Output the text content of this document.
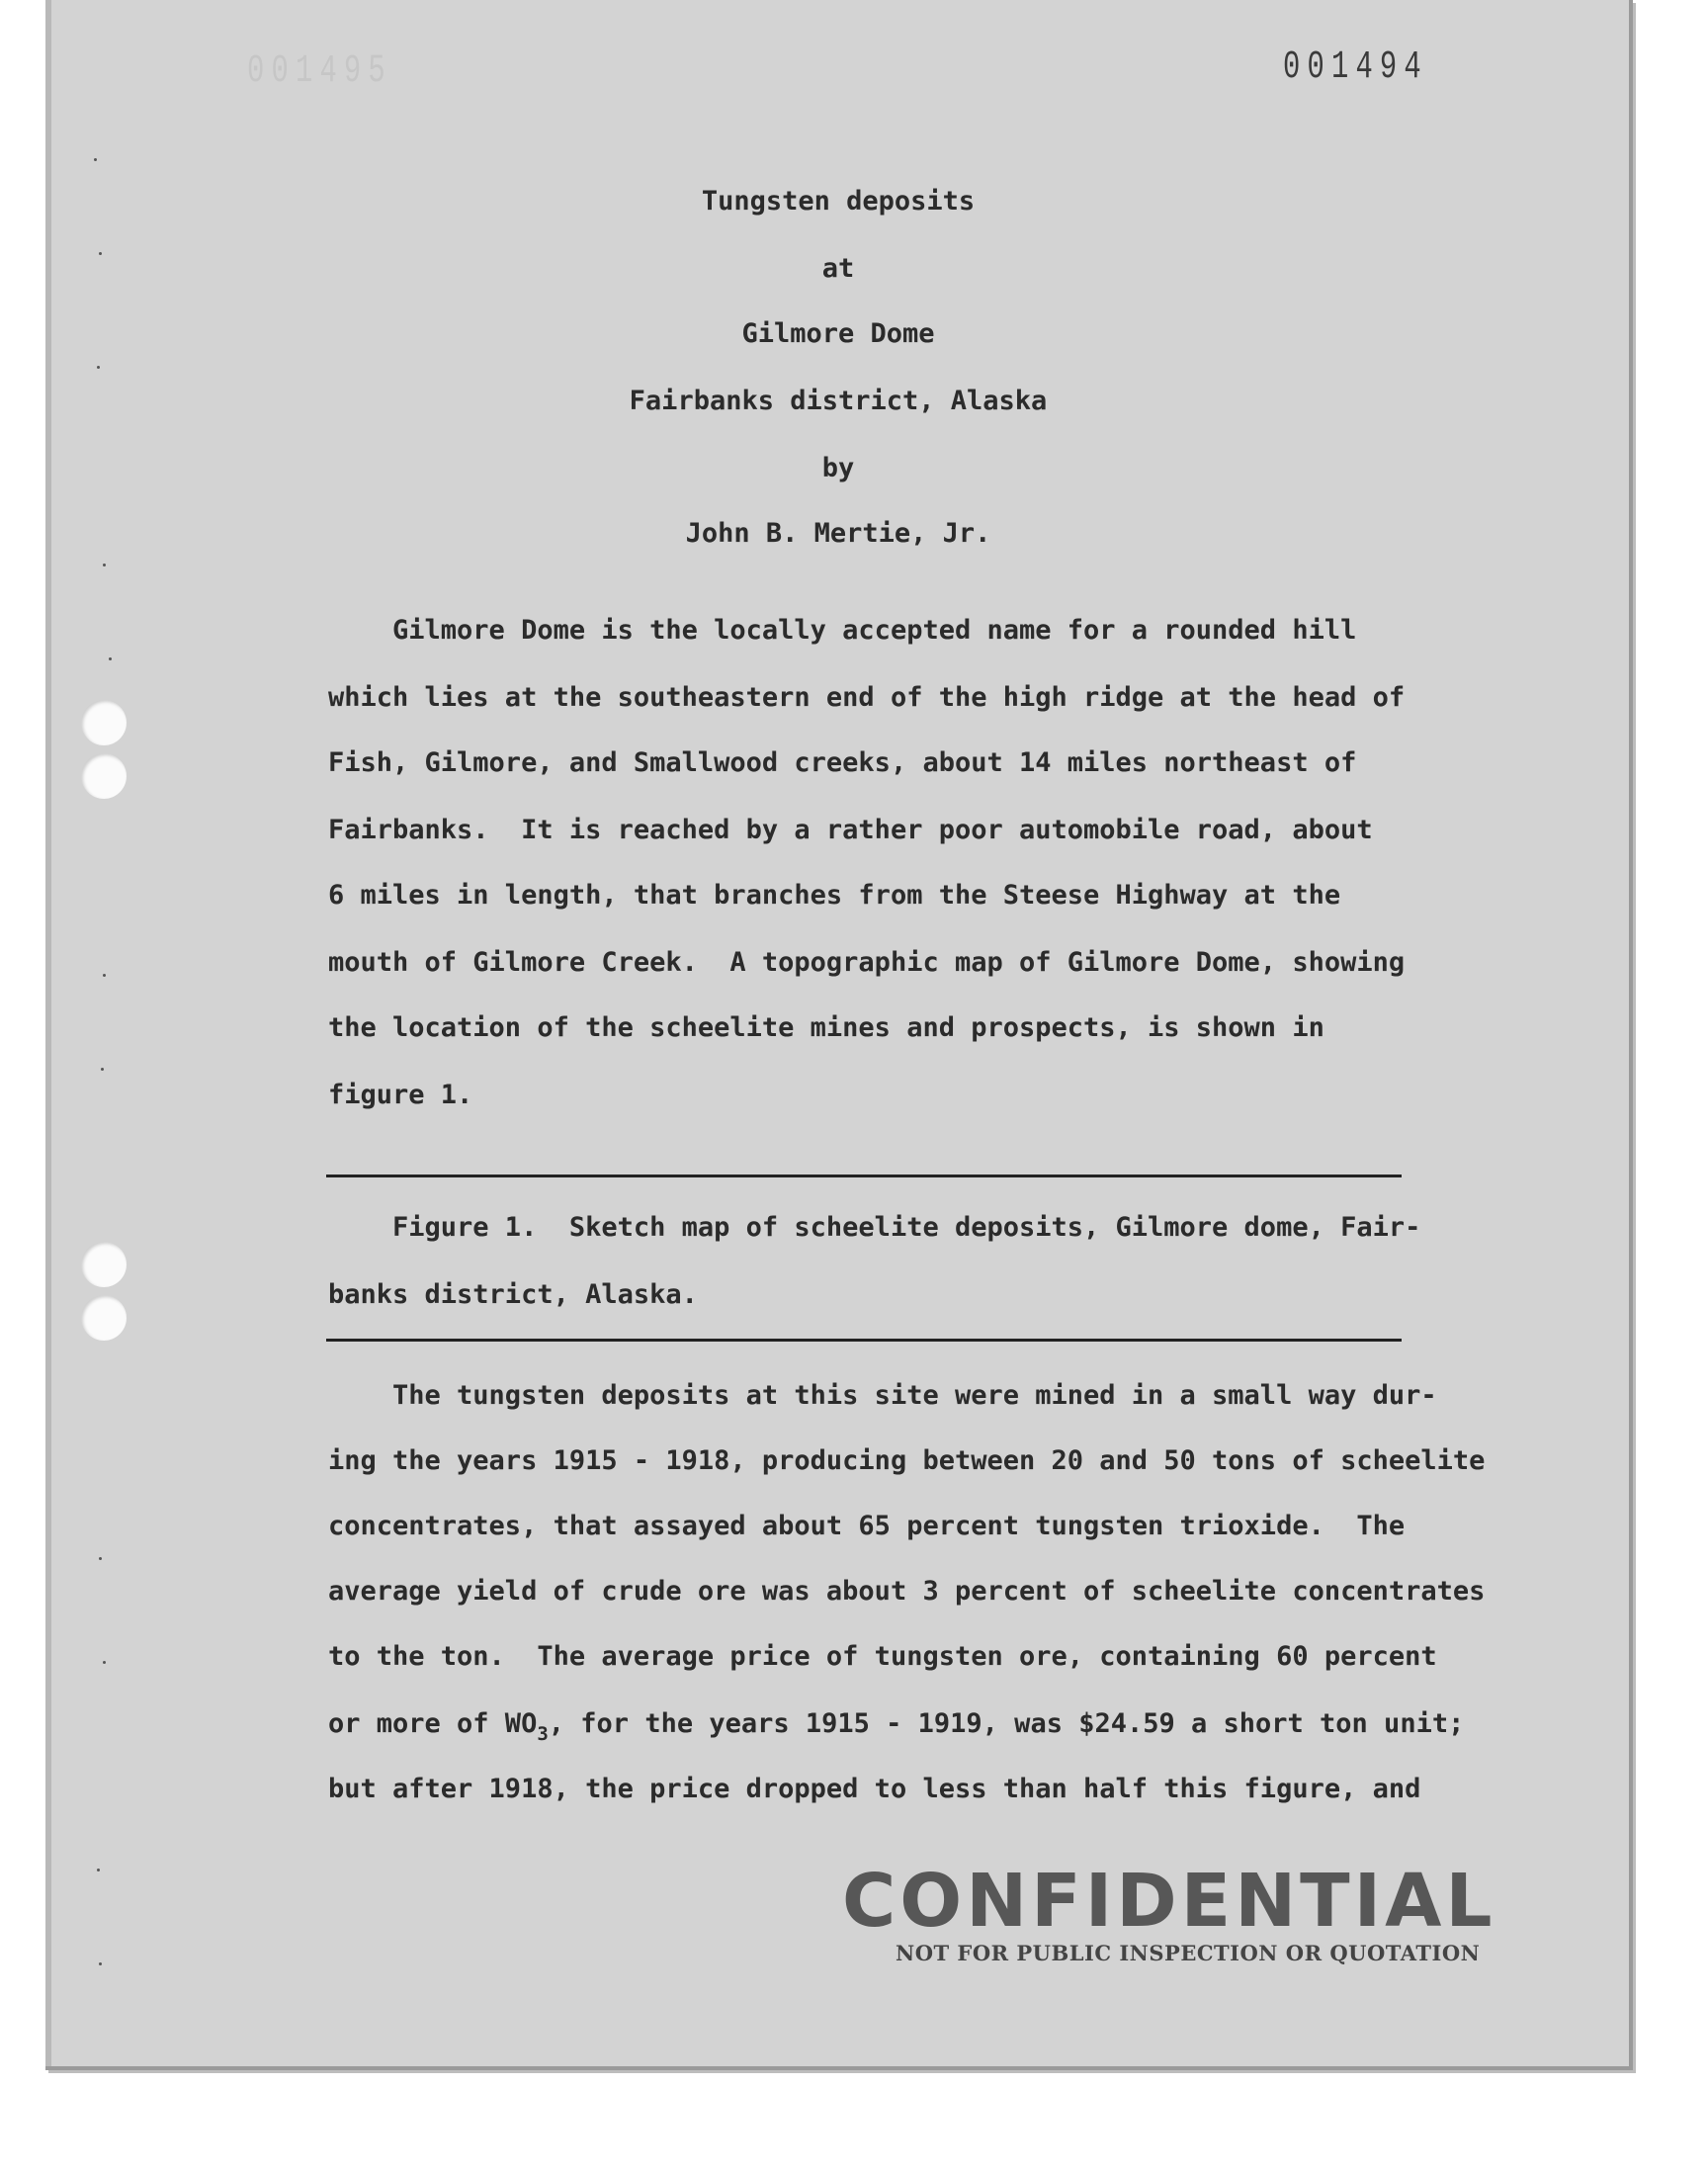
001495	001494
Tungsten deposits
at
Gilmore Dome
Fairbanks district, Alaska
by
John B. Mertie, Jr.
Gilmore Dome is the locally accepted name for a rounded hill
which lies at the southeastern end of the high ridge at the head of
Fish, Gilmore, and Smallwood creeks, about 14 miles northeast of
Fairbanks.  It is reached by a rather poor automobile road, about
6 miles in length, that branches from the Steese Highway at the
mouth of Gilmore Creek.  A topographic map of Gilmore Dome, showing
the location of the scheelite mines and prospects, is shown in
figure 1.
Figure 1.  Sketch map of scheelite deposits, Gilmore dome, Fair-
banks district, Alaska.
The tungsten deposits at this site were mined in a small way dur-
ing the years 1915 - 1918, producing between 20 and 50 tons of scheelite
concentrates, that assayed about 65 percent tungsten trioxide.  The
average yield of crude ore was about 3 percent of scheelite concentrates
to the ton.  The average price of tungsten ore, containing 60 percent
or more of $WO_3$, for the years 1915 - 1919, was $24.59 a short ton unit;
but after 1918, the price dropped to less than half this figure, and
CONFIDENTIAL
NOT FOR PUBLIC INSPECTION OR QUOTATION
